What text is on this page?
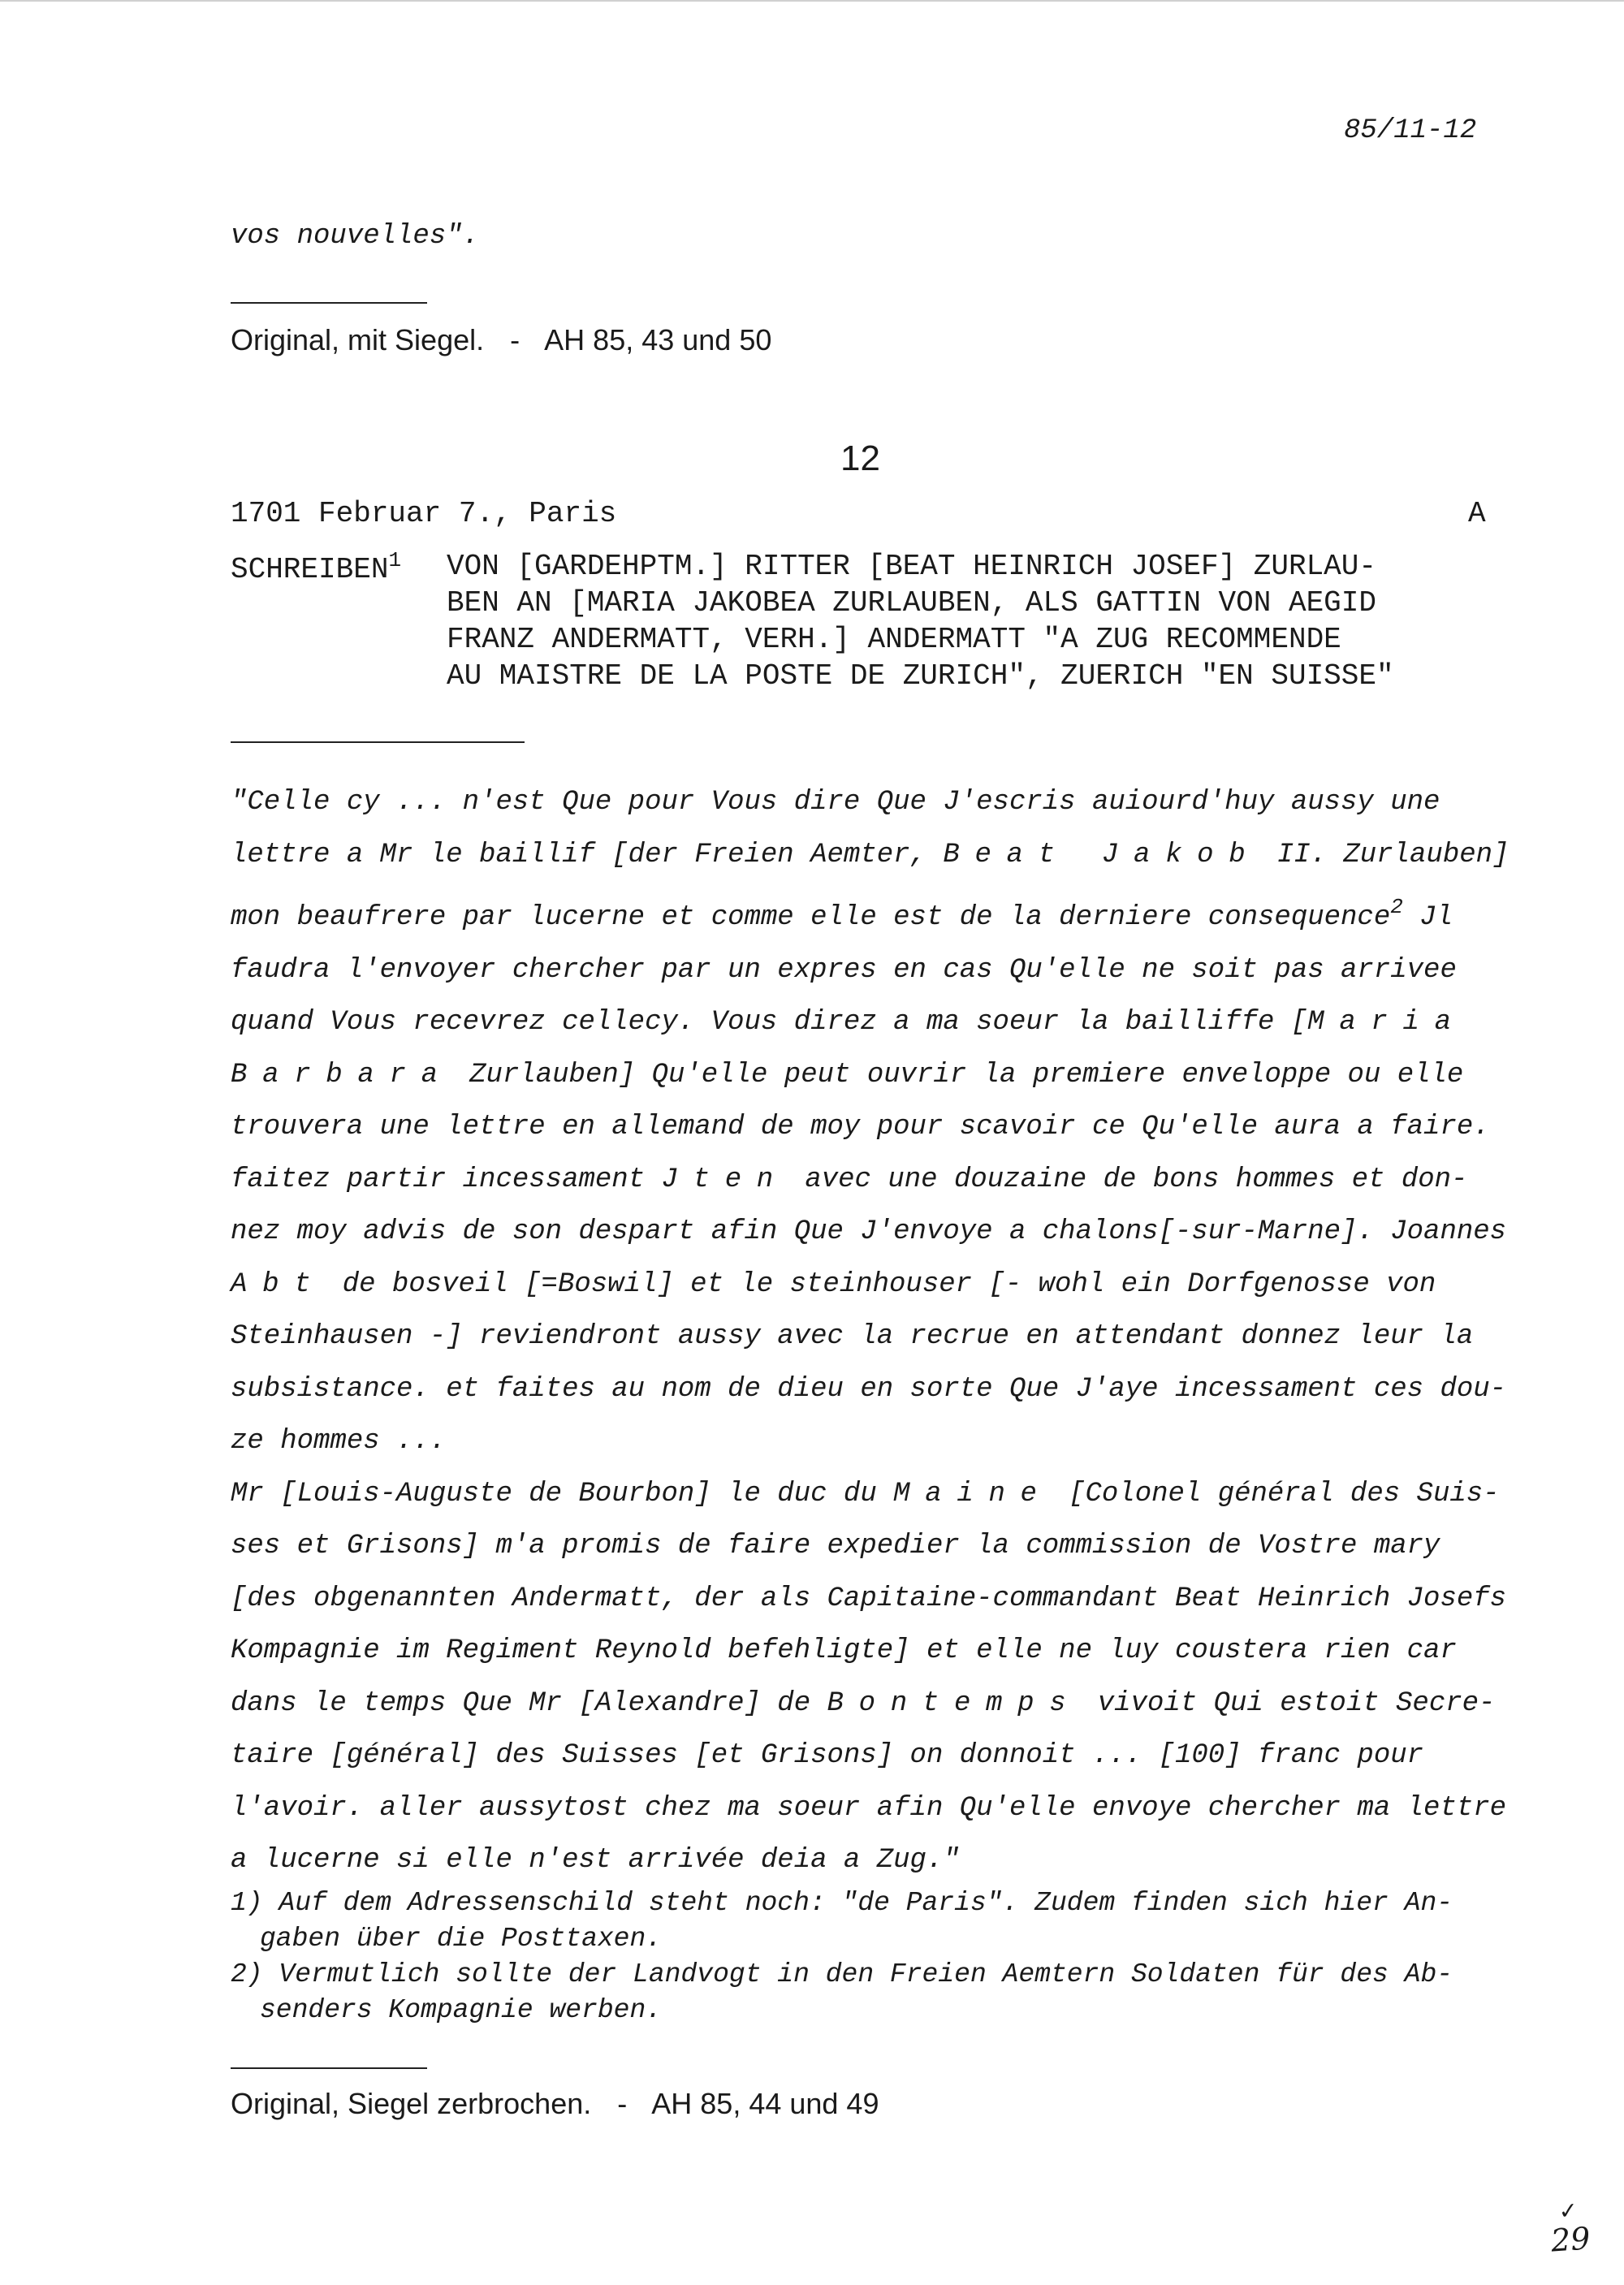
85/11-12
vos nouvelles".
Original, mit Siegel. - AH 85, 43 und 50
12
1701 Februar 7., Paris	A
SCHREIBEN$^1$ VON [GARDEHPTM.] RITTER [BEAT HEINRICH JOSEF] ZURLAU-
BEN AN [MARIA JAKOBEA ZURLAUBEN, ALS GATTIN VON AEGID
FRANZ ANDERMATT, VERH.] ANDERMATT "A ZUG RECOMMENDE
AU MAISTRE DE LA POSTE DE ZURICH", ZUERICH "EN SUISSE"

"Celle cy ... n'est Que pour Vous dire Que J'escris auiourd'huy aussy une

lettre a Mr le baillif [der Freien Aemter, Beat Jakob II. Zurlauben]

mon beaufrere par lucerne et comme elle est de la derniere consequence$^2$ Jl

faudra l'envoyer chercher par un expres en cas Qu'elle ne soit pas arrivee

quand Vous recevrez cellecy. Vous direz a ma soeur la bailliffe [Maria

Barbara Zurlauben] Qu'elle peut ouvrir la premiere enveloppe ou elle

trouvera une lettre en allemand de moy pour scavoir ce Qu'elle aura a faire.

faitez partir incessament Jten avec une douzaine de bons hommes et don-

nez moy advis de son despart afin Que J'envoye a chalons[-sur-Marne]. Joannes

Abt de bosveil [=Boswil] et le steinhouser [- wohl ein Dorfgenosse von

Steinhausen -] reviendront aussy avec la recrue en attendant donnez leur la

subsistance. et faites au nom de dieu en sorte Que J'aye incessament ces dou-

ze hommes ...

Mr [Louis-Auguste de Bourbon] le duc du Maine [Colonel général des Suis-

ses et Grisons] m'a promis de faire expedier la commission de Vostre mary

[des obgenannten Andermatt, der als Capitaine-commandant Beat Heinrich Josefs

Kompagnie im Regiment Reynold befehligte] et elle ne luy coustera rien car

dans le temps Que Mr [Alexandre] de Bontemps vivoit Qui estoit Secre-

taire [général] des Suisses [et Grisons] on donnoit ... [100] franc pour

l'avoir. aller aussytost chez ma soeur afin Qu'elle envoye chercher ma lettre

a lucerne si elle n'est arrivée deia a Zug."

1) Auf dem Adressenschild steht noch: "de Paris". Zudem finden sich hier An-
gaben über die Posttaxen.
2) Vermutlich sollte der Landvogt in den Freien Aemtern Soldaten für des Ab-
senders Kompagnie werben.
Original, Siegel zerbrochen. - AH 85, 44 und 49
✓
29
